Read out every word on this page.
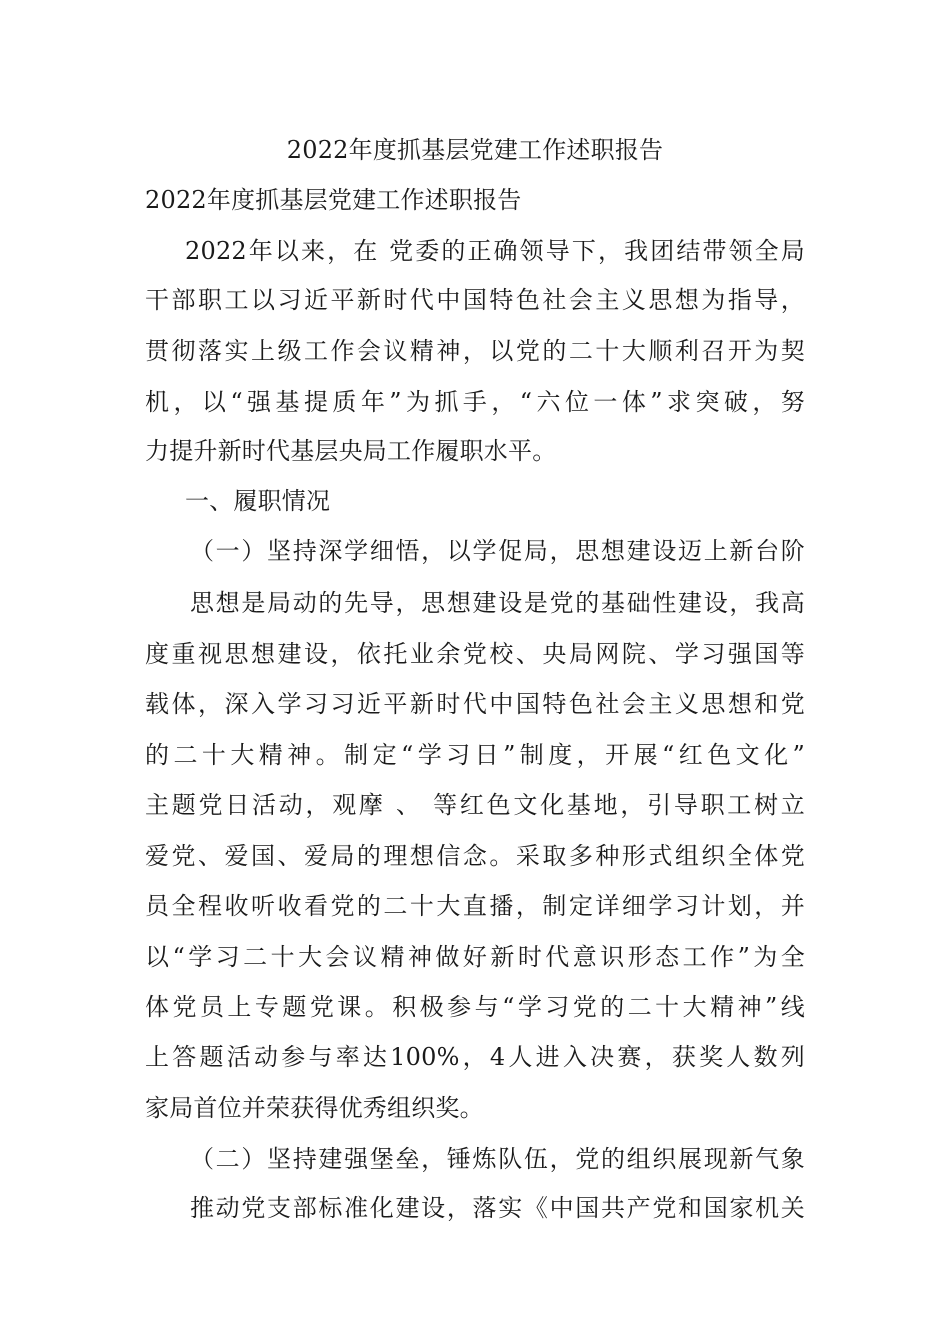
2022年度抓基层党建工作述职报告
2022年度抓基层党建工作述职报告
2022年以来，在 党委的正确领导下，我团结带领全局
干部职工以习近平新时代中国特色社会主义思想为指导，
贯彻落实上级工作会议精神，以党的二十大顺利召开为契
机，以“强基提质年”为抓手，“六位一体”求突破，努
力提升新时代基层央局工作履职水平。
一、履职情况
（一）坚持深学细悟，以学促局，思想建设迈上新台阶
思想是局动的先导，思想建设是党的基础性建设，我高
度重视思想建设，依托业余党校、央局网院、学习强国等
载体，深入学习习近平新时代中国特色社会主义思想和党
的二十大精神。制定“学习日”制度，开展“红色文化”
主题党日活动，观摩 、 等红色文化基地，引导职工树立
爱党、爱国、爱局的理想信念。采取多种形式组织全体党
员全程收听收看党的二十大直播，制定详细学习计划，并
以“学习二十大会议精神做好新时代意识形态工作”为全
体党员上专题党课。积极参与“学习党的二十大精神”线
上答题活动参与率达100%，4人进入决赛，获奖人数列
家局首位并荣获得优秀组织奖。
（二）坚持建强堡垒，锤炼队伍，党的组织展现新气象
推动党支部标准化建设，落实《中国共产党和国家机关
